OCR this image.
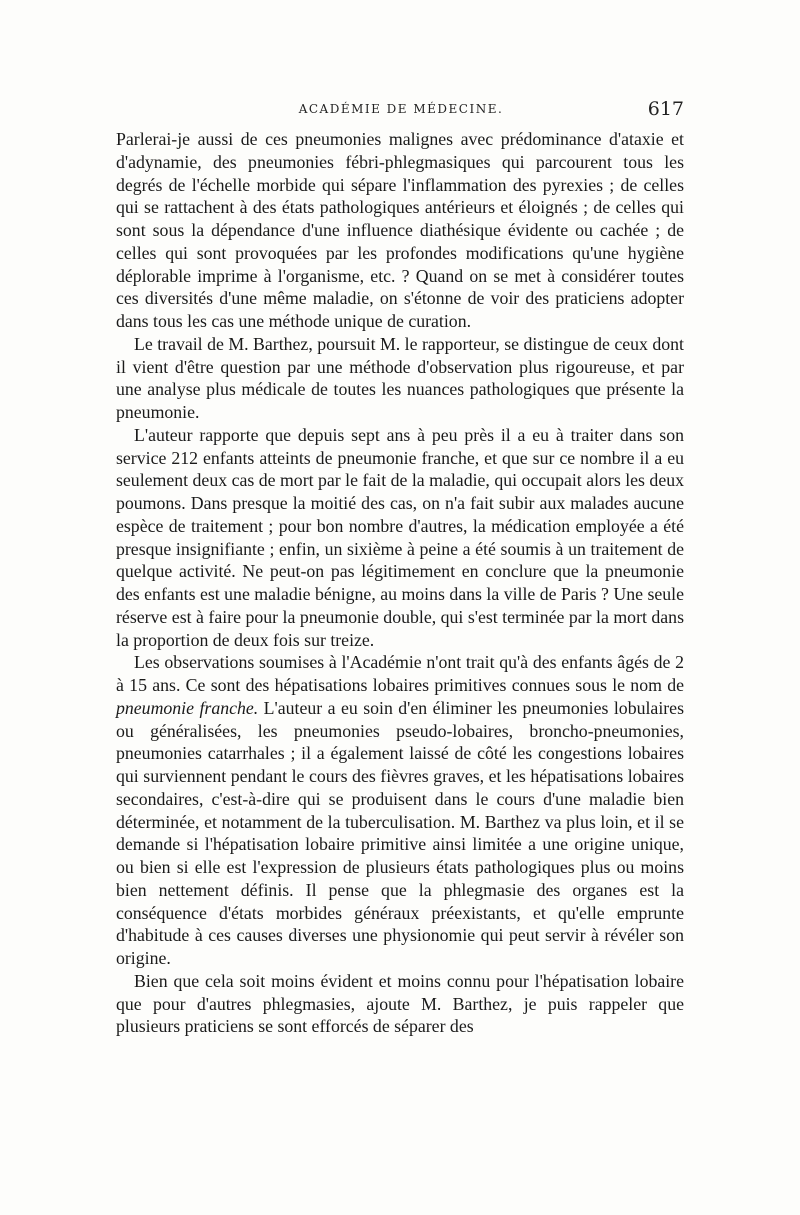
ACADÉMIE DE MÉDECINE.	617

Parlerai-je aussi de ces pneumonies malignes avec prédominance d'ataxie et d'adynamie, des pneumonies fébri-phlegmasiques qui parcourent tous les degrés de l'échelle morbide qui sépare l'inflammation des pyrexies ; de celles qui se rattachent à des états pathologiques antérieurs et éloignés ; de celles qui sont sous la dépendance d'une influence diathésique évidente ou cachée ; de celles qui sont provoquées par les profondes modifications qu'une hygiène déplorable imprime à l'organisme, etc. ? Quand on se met à considérer toutes ces diversités d'une même maladie, on s'étonne de voir des praticiens adopter dans tous les cas une méthode unique de curation.

Le travail de M. Barthez, poursuit M. le rapporteur, se distingue de ceux dont il vient d'être question par une méthode d'observation plus rigoureuse, et par une analyse plus médicale de toutes les nuances pathologiques que présente la pneumonie.

L'auteur rapporte que depuis sept ans à peu près il a eu à traiter dans son service 212 enfants atteints de pneumonie franche, et que sur ce nombre il a eu seulement deux cas de mort par le fait de la maladie, qui occupait alors les deux poumons. Dans presque la moitié des cas, on n'a fait subir aux malades aucune espèce de traitement ; pour bon nombre d'autres, la médication employée a été presque insignifiante ; enfin, un sixième à peine a été soumis à un traitement de quelque activité. Ne peut-on pas légitimement en conclure que la pneumonie des enfants est une maladie bénigne, au moins dans la ville de Paris ? Une seule réserve est à faire pour la pneumonie double, qui s'est terminée par la mort dans la proportion de deux fois sur treize.

Les observations soumises à l'Académie n'ont trait qu'à des enfants âgés de 2 à 15 ans. Ce sont des hépatisations lobaires primitives connues sous le nom de pneumonie franche. L'auteur a eu soin d'en éliminer les pneumonies lobulaires ou généralisées, les pneumonies pseudo-lobaires, broncho-pneumonies, pneumonies catarrhales ; il a également laissé de côté les congestions lobaires qui surviennent pendant le cours des fièvres graves, et les hépatisations lobaires secondaires, c'est-à-dire qui se produisent dans le cours d'une maladie bien déterminée, et notamment de la tuberculisation. M. Barthez va plus loin, et il se demande si l'hépatisation lobaire primitive ainsi limitée a une origine unique, ou bien si elle est l'expression de plusieurs états pathologiques plus ou moins bien nettement définis. Il pense que la phlegmasie des organes est la conséquence d'états morbides généraux préexistants, et qu'elle emprunte d'habitude à ces causes diverses une physionomie qui peut servir à révéler son origine.

Bien que cela soit moins évident et moins connu pour l'hépatisation lobaire que pour d'autres phlegmasies, ajoute M. Barthez, je puis rappeler que plusieurs praticiens se sont efforcés de séparer des
